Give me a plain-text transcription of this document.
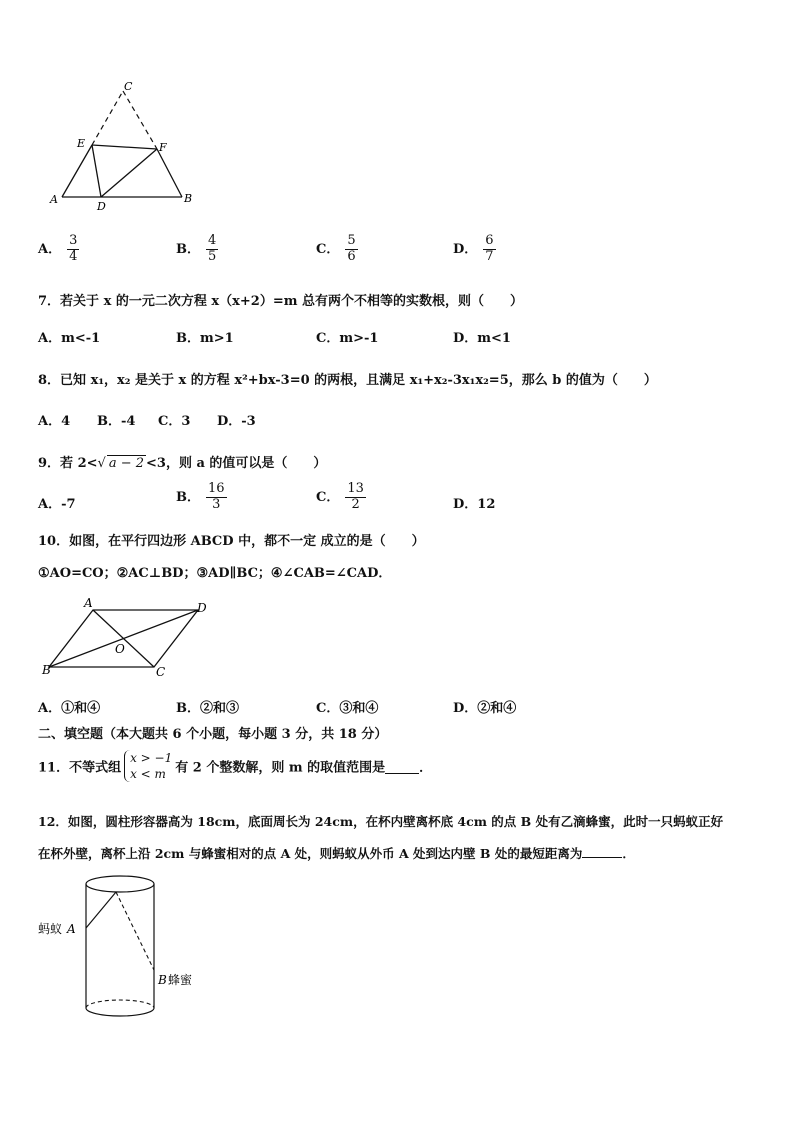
C
E	F
A
D
B
A． $\frac{3}{4}$	B． $\frac{4}{5}$	C． $\frac{5}{6}$	D． $\frac{6}{7}$
7．若关于 x 的一元二次方程 x（x+2）=m 总有两个不相等的实数根，则（　　）
A．m<-1	B．m>1	C．m>-1	D．m<1
8．已知 x₁，x₂ 是关于 x 的方程 x²+bx-3=0 的两根，且满足 x₁+x₂-3x₁x₂=5，那么 b 的值为（　　）
A．4 B．-4 C．3 D．-3
9．若 2<√ a − 2 <3，则 a 的值可以是（　　）
A．-7	B． $\frac{16}{3}$	C． $\frac{13}{2}$	D．12
10．如图，在平行四边形 ABCD 中，都不一定 成立的是（　　）
①AO=CO；②AC⊥BD；③AD∥BC；④∠CAB=∠CAD．
A	D
O
B	C
A．①和④	B．②和③	C．③和④	D．②和④
二、填空题（本大题共 6 个小题，每小题 3 分，共 18 分）
11．不等式组
x > −1
x < m 有 2 个整数解，则 m 的取值范围是	．
12．如图，圆柱形容器高为 18cm，底面周长为 24cm，在杯内壁离杯底 4cm 的点 B 处有乙滴蜂蜜，此时一只蚂蚁正好
在杯外壁，离杯上沿 2cm 与蜂蜜相对的点 A 处，则蚂蚁从外币 A 处到达内壁 B 处的最短距离为	．
蚂蚁 A
B 蜂蜜
